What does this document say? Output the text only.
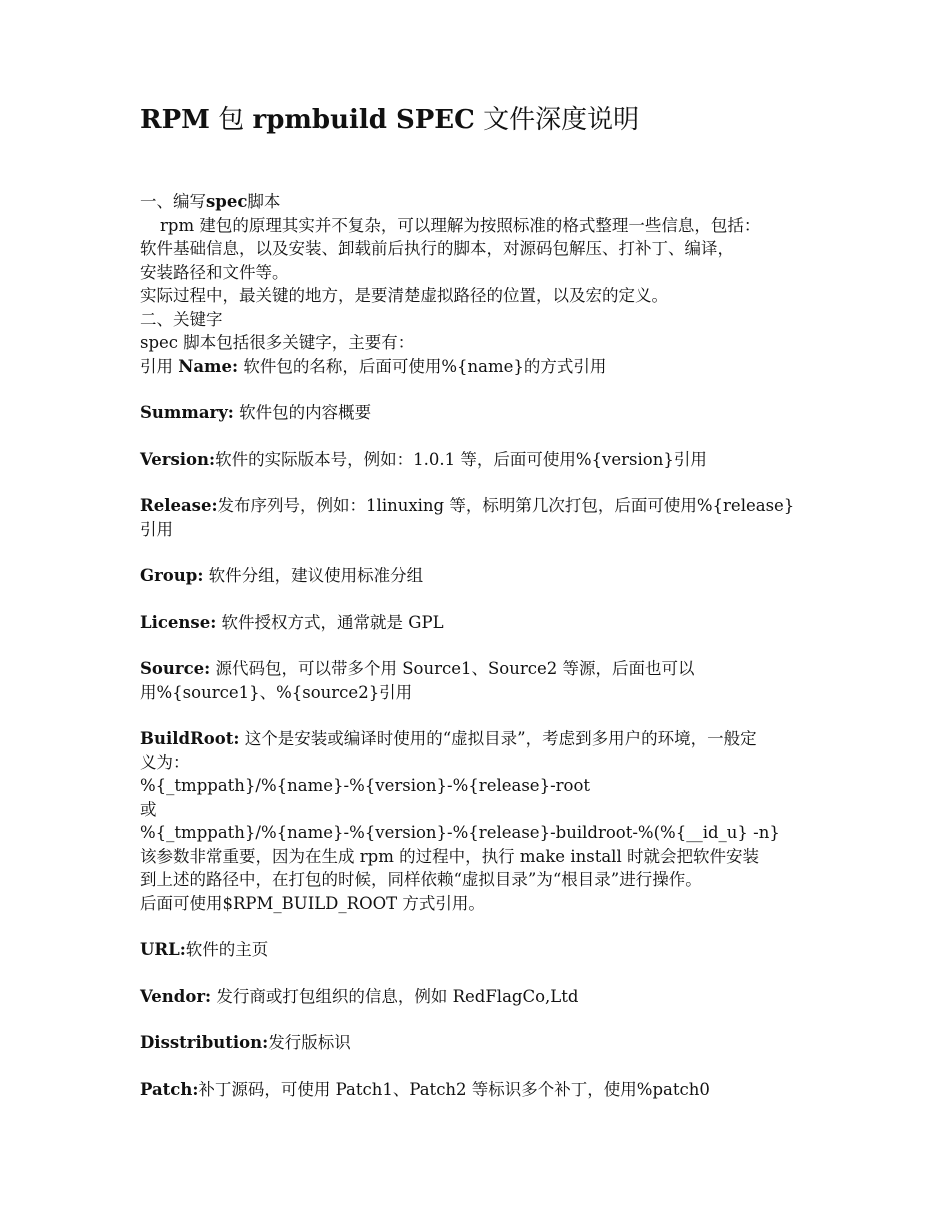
RPM 包 rpmbuild SPEC 文件深度说明

一、编写spec脚本

rpm 建包的原理其实并不复杂，可以理解为按照标准的格式整理一些信息，包括：

软件基础信息，以及安装、卸载前后执行的脚本，对源码包解压、打补丁、编译，

安装路径和文件等。

实际过程中，最关键的地方，是要清楚虚拟路径的位置，以及宏的定义。

二、关键字

spec 脚本包括很多关键字，主要有：

引用 Name: 软件包的名称，后面可使用%{name}的方式引用

Summary: 软件包的内容概要

Version:软件的实际版本号，例如：1.0.1 等，后面可使用%{version}引用

Release:发布序列号，例如：1linuxing 等，标明第几次打包，后面可使用%{release}

引用

Group: 软件分组，建议使用标准分组

License: 软件授权方式，通常就是 GPL

Source: 源代码包，可以带多个用 Source1、Source2 等源，后面也可以

用%{source1}、%{source2}引用

BuildRoot: 这个是安装或编译时使用的“虚拟目录”，考虑到多用户的环境，一般定

义为：

%{_tmppath}/%{name}-%{version}-%{release}-root

或

%{_tmppath}/%{name}-%{version}-%{release}-buildroot-%(%{__id_u} -n}

该参数非常重要，因为在生成 rpm 的过程中，执行 make install 时就会把软件安装

到上述的路径中，在打包的时候，同样依赖“虚拟目录”为“根目录”进行操作。

后面可使用$RPM_BUILD_ROOT 方式引用。

URL:软件的主页

Vendor: 发行商或打包组织的信息，例如 RedFlagCo,Ltd

Disstribution:发行版标识

Patch:补丁源码，可使用 Patch1、Patch2 等标识多个补丁，使用%patch0
